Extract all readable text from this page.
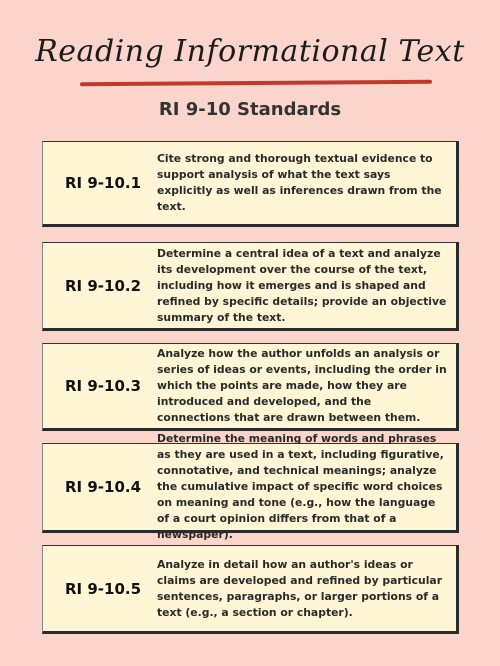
Reading Informational Text
RI 9-10 Standards
RI 9-10.1
Cite strong and thorough textual evidence to support analysis of what the text says explicitly as well as inferences drawn from the text.
RI 9-10.2
Determine a central idea of a text and analyze its development over the course of the text, including how it emerges and is shaped and refined by specific details; provide an objective summary of the text.
RI 9-10.3
Analyze how the author unfolds an analysis or series of ideas or events, including the order in which the points are made, how they are introduced and developed, and the connections that are drawn between them.
RI 9-10.4
Determine the meaning of words and phrases as they are used in a text, including figurative, connotative, and technical meanings; analyze the cumulative impact of specific word choices on meaning and tone (e.g., how the language of a court opinion differs from that of a newspaper).
RI 9-10.5
Analyze in detail how an author's ideas or claims are developed and refined by particular sentences, paragraphs, or larger portions of a text (e.g., a section or chapter).
